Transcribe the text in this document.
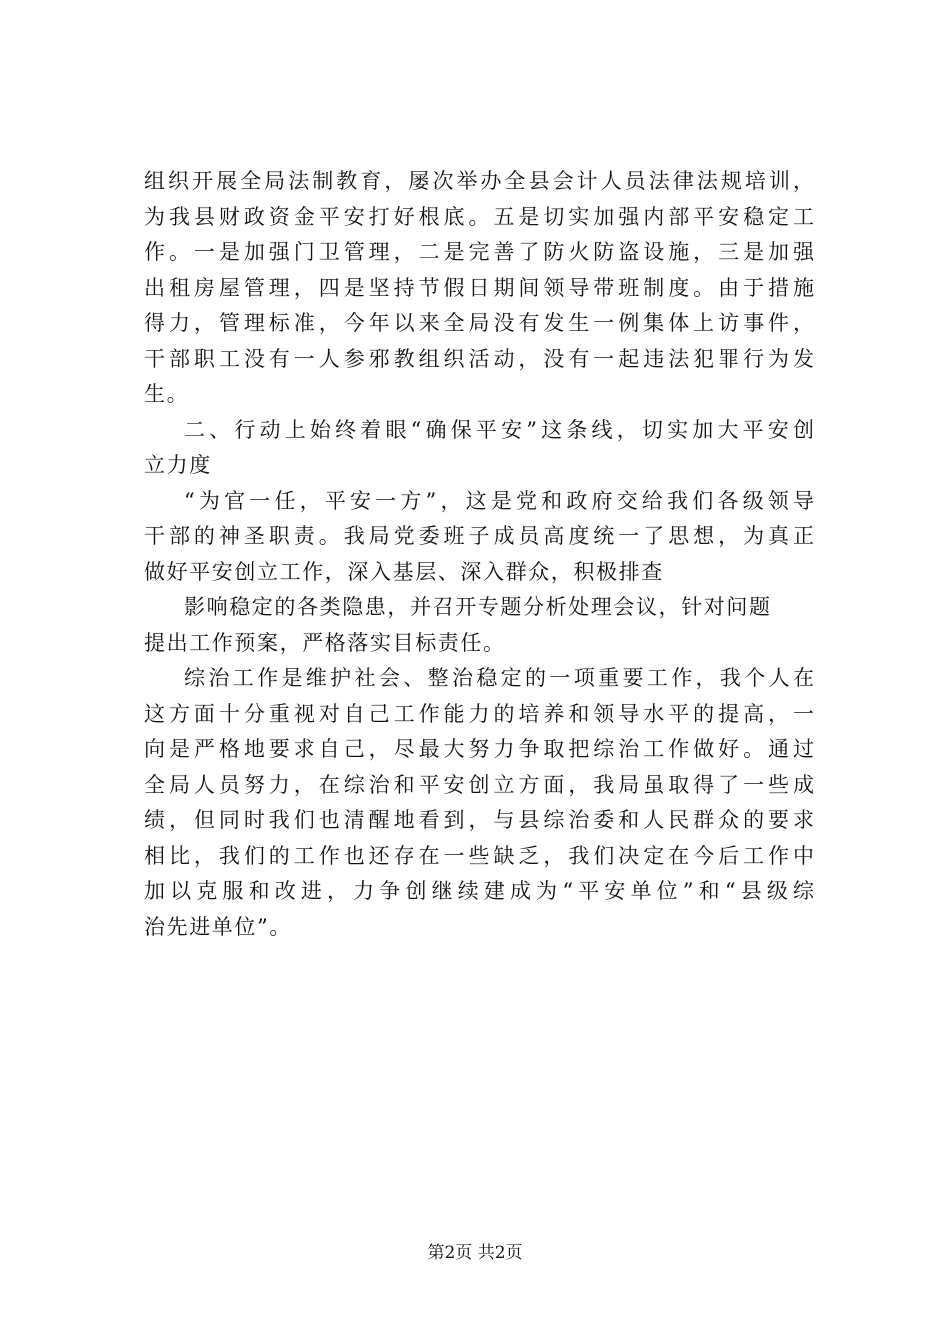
组织开展全局法制教育，屡次举办全县会计人员法律法规培训，
为我县财政资金平安打好根底。五是切实加强内部平安稳定工
作。一是加强门卫管理，二是完善了防火防盗设施，三是加强
出租房屋管理，四是坚持节假日期间领导带班制度。由于措施
得力，管理标准，今年以来全局没有发生一例集体上访事件，
干部职工没有一人参邪教组织活动，没有一起违法犯罪行为发
生。
二、行动上始终着眼“确保平安”这条线，切实加大平安创
立力度
“为官一任，平安一方”，这是党和政府交给我们各级领导
干部的神圣职责。我局党委班子成员高度统一了思想，为真正
做好平安创立工作，深入基层、深入群众，积极排查
影响稳定的各类隐患，并召开专题分析处理会议，针对问题
提出工作预案，严格落实目标责任。
综治工作是维护社会、整治稳定的一项重要工作，我个人在
这方面十分重视对自己工作能力的培养和领导水平的提高，一
向是严格地要求自己，尽最大努力争取把综治工作做好。通过
全局人员努力，在综治和平安创立方面，我局虽取得了一些成
绩，但同时我们也清醒地看到，与县综治委和人民群众的要求
相比，我们的工作也还存在一些缺乏，我们决定在今后工作中
加以克服和改进，力争创继续建成为“平安单位”和“县级综
治先进单位”。
第2页 共2页
